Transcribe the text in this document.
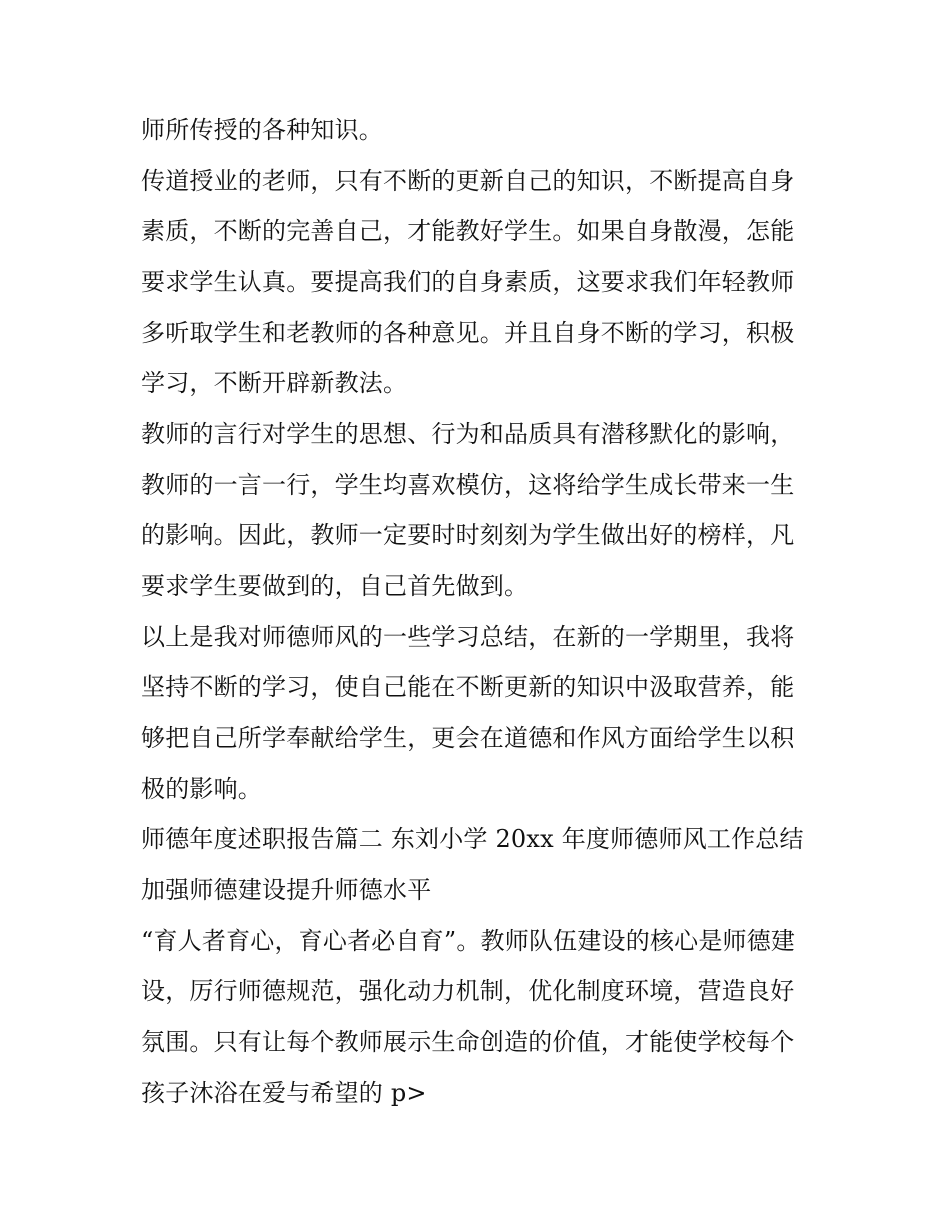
师所传授的各种知识。
传道授业的老师，只有不断的更新自己的知识，不断提高自身
素质，不断的完善自己，才能教好学生。如果自身散漫，怎能
要求学生认真。要提高我们的自身素质，这要求我们年轻教师
多听取学生和老教师的各种意见。并且自身不断的学习，积极
学习，不断开辟新教法。
教师的言行对学生的思想、行为和品质具有潜移默化的影响，
教师的一言一行，学生均喜欢模仿，这将给学生成长带来一生
的影响。因此，教师一定要时时刻刻为学生做出好的榜样，凡
要求学生要做到的，自己首先做到。
以上是我对师德师风的一些学习总结，在新的一学期里，我将
坚持不断的学习，使自己能在不断更新的知识中汲取营养，能
够把自己所学奉献给学生，更会在道德和作风方面给学生以积
极的影响。
师德年度述职报告篇二 东刘小学 20xx 年度师德师风工作总结
加强师德建设提升师德水平
“育人者育心，育心者必自育”。教师队伍建设的核心是师德建
设，厉行师德规范，强化动力机制，优化制度环境，营造良好
氛围。只有让每个教师展示生命创造的价值，才能使学校每个
孩子沐浴在爱与希望的 p>
